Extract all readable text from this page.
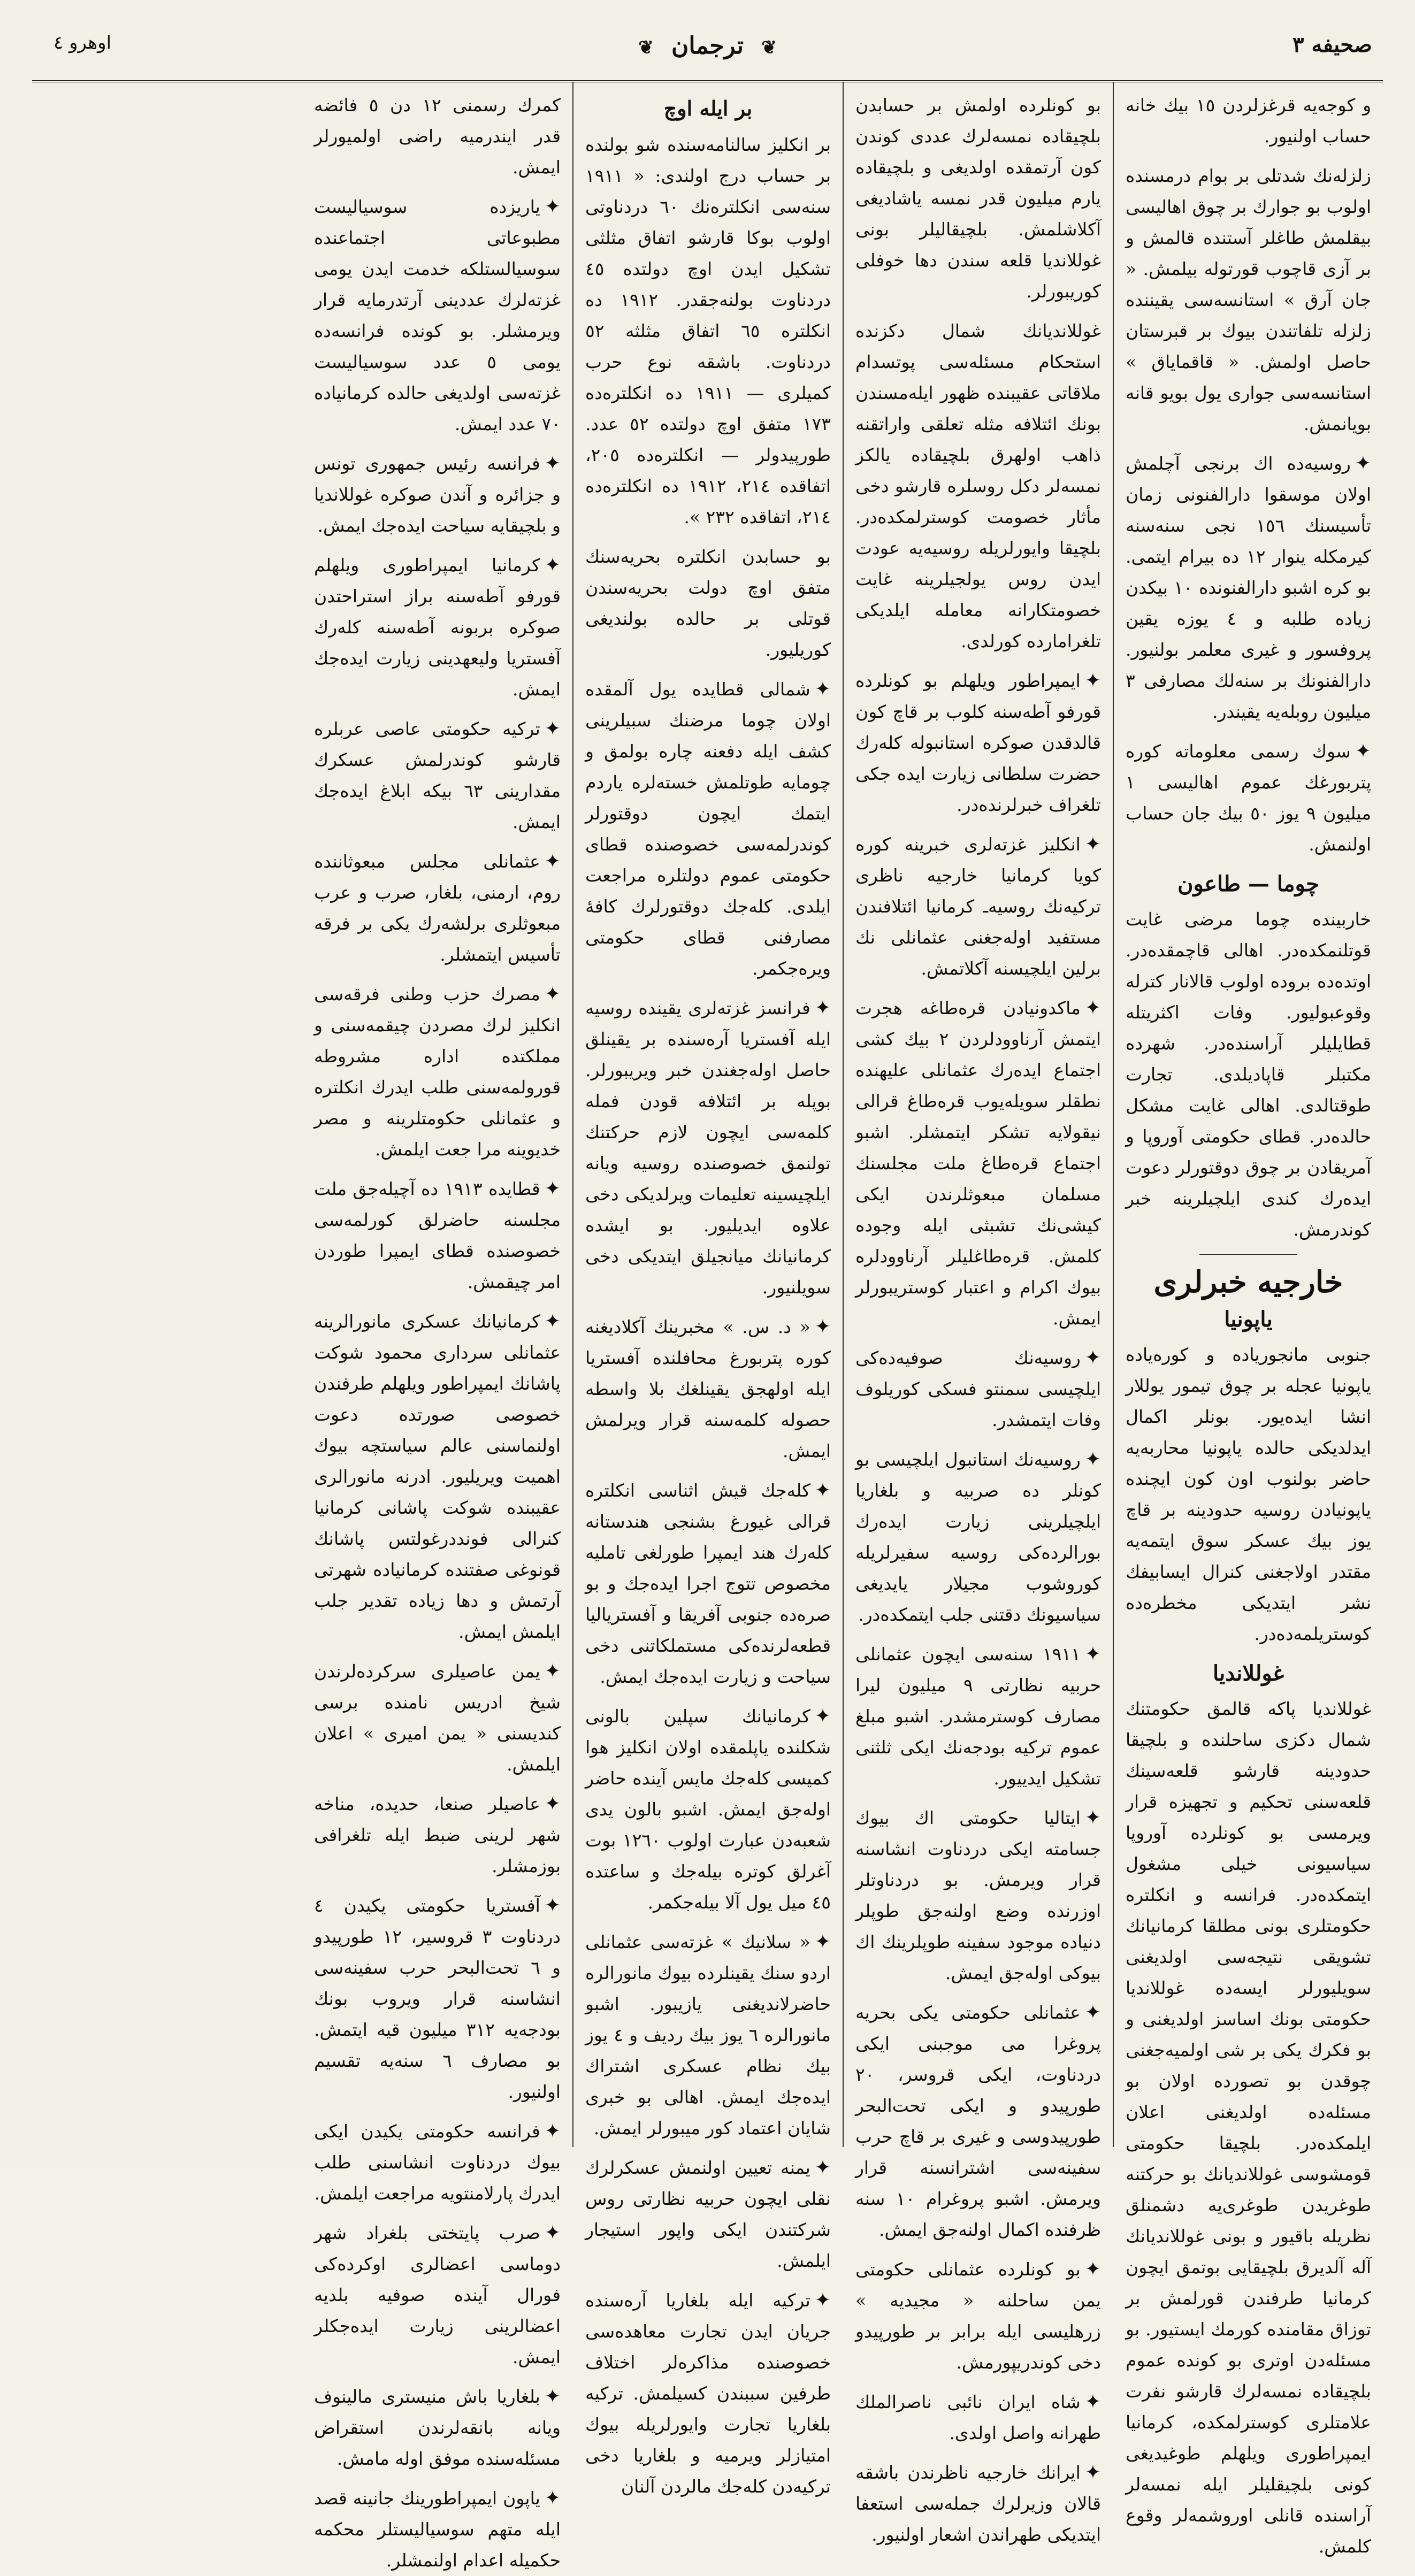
صحيفه ٣
❦ ترجمان ❦
اوهرو ٤
و کوجه‌یه قرغزلردن ١٥ بیك خانه حساب اولنیور.
زلزله‌نك شدتلی بر بوام درمسنده اولوب بو جوارك بر چوق اهالیسی بیقلمش طاغلر آستنده قالمش و بر آزی قاچوب قورتوله بیلمش. « جان آرق » استانسه‌سی یقیننده زلزله تلفاتندن بیوك بر قبرستان حاصل اولمش. « قاقمایاق » استانسه‌سی جواری یول بویو قانه بویانمش.
✦روسیه‌ده اك برنجی آچلمش اولان موسقوا دارالفنونی زمان تأسیسنك ١٥٦ نجی سنه‌سنه کیرمکله ینوار ١٢ ده بیرام ایتمی. بو کره اشبو دارالفنونده ١٠ بیکدن زیاده طلبه و ٤ یوزه یقین پروفسور و غیری معلمر بولنیور. دارالفنونك بر سنه‌لك مصارفی ٣ میلیون روبله‌یه یقیندر.
✦سوك رسمی معلوماته کوره پتربورغك عموم اهالیسی ١ میلیون ٩ یوز ٥٠ بیك جان حساب اولنمش.
چوما — طاعون
خاربینده چوما مرضی غایت قوتلنمکده‌در. اهالی قاچمقده‌در. اوتده‌ده بروده اولوب قالانار کترله وقوعبولیور. وفات اکثریتله قطایلیلر آراسنده‌در. شهرده مکتبلر قاپادیلدی. تجارت طوقتالدی. اهالی غایت مشکل حالده‌در. قطای حکومتی آوروپا و آمریقادن بر چوق دوقتورلر دعوت ایده‌رك کندی ایلچیلرینه خبر کوندرمش.
خارجیه خبرلری
یاپونیا
جنوبی مانجوریاده و کوره‌یاده‌ یاپونیا عجله بر چوق تیمور یوللار انشا ایده‌یور. بونلر اکمال ایدلدیکی حالده یاپونیا محاربه‌یه حاضر بولنوب اون کون ایچنده یاپونیادن روسیه حدودینه بر قاچ یوز بیك عسکر سوق ایتمه‌یه مقتدر اولاجغنی کنرال ایسابیفك نشر ایتدیکی مخطره‌ده کوستریلمه‌ده‌در.
غوللاندیا
غوللاندیا پاکه قالمق حکومتنك شمال دکزی ساحلنده و بلچیقا حدودینه قارشو قلعه‌سینك قلعه‌سنی تحکیم و تجهیزه قرار ویرمسی بو کونلرده آوروپا سیاسیونی خیلی مشغول ایتمکده‌در. فرانسه و انکلتره حکومتلری بونی مطلقا کرمانیانك تشویقی نتیجه‌سی اولدیغنی سویلیورلر ایسه‌ده غوللاندیا حکومتی بونك اساسز اولدیغنی و بو فکرك یکی بر شی اولمیه‌جغنی چوقدن بو تصورده اولان بو مسئله‌ده اولدیغنی اعلان ایلمکده‌در. بلچیقا حکومتی قومشوسی غوللاندیانك بو حرکتنه طوغریدن طوغری‌یه دشمنلق نظریله باقیور و بونی غوللاندیانك آله‌ آلدیرق بلچیقایی بوتمق ایچون کرمانیا طرفندن قورلمش بر توزاق مقامنده کورمك ایستیور. بو مسئله‌دن اوتری بو کونده عموم بلچیقاده نمسه‌لرك قارشو نفرت علامتلری کوسترلمکده، کرمانیا ایمپراطوری ویلهلم طوغیدیغی کونی بلچیقلیلر ایله نمسه‌لر آراسنده قانلی اوروشمه‌لر وقوع کلمش.
بو کونلرده اولمش بر حسابدن بلچیقاده نمسه‌لرك عددی کوندن کون آرتمقده اولدیغی و بلچیقاده یارم میلیون قدر نمسه یاشادیغی آکلاشلمش. بلچیقالیلر بونی غوللاندیا قلعه سندن دها خوفلی کوریبورلر.
غوللاندیانك شمال دکزنده استحکام مسئله‌سی پوتسدام ملاقاتی عقیبنده ظهور ایله‌مسندن بونك ائتلافه مثله تعلقی واراتقنه ذاهب اولهرق بلچیقاده یالکز نمسه‌لر دکل روسلره قارشو دخی مأثار خصومت کوسترلمکده‌در. بلچیقا وایورلریله روسیه‌یه عودت ایدن روس یولجیلرینه غایت خصومتکارانه معامله ایلدیکی تلغرامارده کورلدی.
✦ایمپراطور ویلهلم بو کونلرده قورفو آطه‌سنه کلوب بر قاچ کون قالدقدن صوکره استانبوله کله‌رك حضرت سلطانی زیارت ایده جکی تلغراف خبرلرنده‌در.
✦انکلیز غزته‌لری خبرینه کوره کویا کرمانیا خارجیه ناظری ترکیه‌نك روسیه‌ـ کرمانیا ائتلافندن مستفید اوله‌جغنی عثمانلی نك برلین ایلچیسنه آکلاتمش.
✦ماکدونیادن قره‌طاغه هجرت ایتمش آرناوودلردن ٢ بیك کشی اجتماع ایده‌رك عثمانلی علیهنده نطقلر سویله‌یوب قره‌طاغ قرالی نیقولایه تشکر ایتمشلر. اشبو اجتماع قره‌طاغ ملت مجلسنك مسلمان مبعوثلرندن ایکی کیشی‌نك تشبثی ایله وجوده کلمش. قره‌طاغلیلر آرناوودلره بیوك اکرام و اعتبار کوستریبورلر ایمش.
✦روسیه‌نك صوفیه‌ده‌کی ایلچیسی سمنتو فسکی کوریلوف وفات ایتمشدر.
✦روسیه‌نك استانبول ایلچیسی بو کونلر ده صربیه و بلغاریا ایلچیلرینی زیارت ایده‌رك بورالرده‌کی روسیه سفیرلریله کوروشوب مجیلار یایدیغی سیاسیونك دقتنی جلب ایتمکده‌در.
✦١٩١١ سنه‌سی ایچون عثمانلی حربیه نظارتی ٩ میلیون لیرا مصارف کوسترمشدر. اشبو مبلغ عموم ترکیه بودجه‌نك ایکی ثلثنی تشکیل ایدییور.
✦ایتالیا حکومتی اك بیوك جسامته ایکی دردناوت انشاسنه قرار ویرمش. بو دردناوتلر اوزرنده وضع اولنه‌جق طوپلر دنیاده موجود سفینه طوپلرینك اك بیوکی اوله‌جق ایمش.
✦عثمانلی حکومتی یکی بحریه پروغرا می موجبنی ایکی دردناوت، ایکی قروسر، ٢٠ طورپیدو و ایکی تحت‌البحر طورپیدوسی و غیری بر قاچ حرب سفینه‌سی اشترانسنه قرار ویرمش. اشبو پروغرام ١٠ سنه ظرفنده اکمال اولنه‌جق ایمش.
✦بو کونلرده عثمانلی حکومتی یمن ساحلنه « مجیدیه » زرهلیسی ایله برابر بر طورپیدو دخی کوندریپورمش.
✦شاه ایران نائبی ناصرالملك طهرانه واصل اولدی.
✦ایرانك خارجیه ناظرندن باشقه قالان وزیرلرك جمله‌سی استعفا ایتدیکی طهراندن اشعار اولنیور.
بر ایله اوچ
بر انکلیز سالنامه‌سنده شو بولنده بر حساب درج اولندی: « ١٩١١ سنه‌سی انکلتره‌نك ٦٠ دردناوتی اولوب بوکا قارشو اتفاق مثلثی تشکیل ایدن اوچ دولتده ٤٥ دردناوت بولنه‌جقدر. ١٩١٢ ده انکلتره ٦٥ اتفاق مثلثه ٥٢ دردناوت. باشقه نوع حرب کمیلری — ١٩١١ ده انکلتره‌ده ١٧٣ متفق اوچ دولتده ٥٢ عدد. طورپیدو‌لر — انکلتره‌ده ٢٠٥، اتفاقده ٢١٤، ١٩١٢ ده انکلتره‌ده ٢١٤، اتفاقده ٢٣٢ ».
بو حسابدن انکلتره بحریه‌سنك متفق اوچ دولت بحریه‌سندن قوتلی بر حالده بولندیغی کوریلیور.
✦شمالی قطایده یول آلمقده اولان چوما مرضنك سبیلرینی کشف ایله دفعنه چاره بولمق و چومایه طوتلمش خسته‌لره یاردم ایتمك ایچون دوقتورلر کوندرلمه‌سی خصوصنده قطای حکومتی عموم دولتلره مراجعت ایلدی. کله‌جك دوقتورلرك کافهٔ مصارفنی قطای حکومتی ویره‌جکمر.
✦فرانسز غزته‌لری یقینده روسیه ایله آفستریا آره‌سنده بر یقینلق حاصل اوله‌جغندن خبر ویریبورلر. بوپله بر ائتلافه قودن فمله کلمه‌سی ایچون لازم حرکتنك تولنمق خصوصنده روسیه‌ ویانه ایلچیسینه تعلیمات ویرلدیکی دخی علاوه ایدیلیور. بو ایشده کرمانیانك میانجیلق ایتدیکی دخی سویلنیور.
✦« د. س. » مخبرینك آکلادیغنه کوره پتربورغ محافلنده آفستریا ایله اولهجق یقینلغك بلا واسطه حصوله کلمه‌سنه قرار ویرلمش ایمش.
✦کله‌جك قیش اثناسی انکلتره قرالی غیورغ بشنجی هندستانه کله‌رك هند ایمپرا طورلغی تاملیه مخصوص تتوج اجرا ایده‌جك و بو صره‌ده جنوبی آفریقا و آفستریالیا قطعه‌لرنده‌کی مستملکاتنی دخی سیاحت و زیارت ایده‌جك ایمش.
✦کرمانیانك سپلین بالونی شکلنده یاپلمقده اولان انکلیز هوا کمیسی کله‌جك مایس آینده حاضر اوله‌جق ایمش. اشبو بالون یدی شعبه‌دن عبارت اولوب ١٢٦٠ بوت آغرلق کوتره بیله‌جك و ساعتده ٤٥ میل یول آلا بیله‌جکمر.
✦« سلانیك » غزته‌سی عثمانلی اردو سنك یقینلرده بیوك مانورالره حاضرلاندیغنی یازیبور. اشبو مانورالره ٦ یوز بیك ردیف و ٤ یوز بیك نظام عسکری اشتراك ایده‌جك ایمش. اهالی بو خبری شایان اعتماد کور میبورلر ایمش.
✦یمنه تعیین اولنمش عسکرلرك نقلی ایچون حربیه نظارتی روس شرکتندن ایکی واپور استیجار ایلمش.
✦ترکیه ایله بلغاریا آره‌سنده جریان ایدن تجارت معاهده‌سی خصوصنده مذاکره‌لر اختلاف طرفین سببندن کسیلمش. ترکیه بلغاریا تجارت وایورلریله بیوك امتیازلر ویرمیه و بلغاریا دخی ترکیه‌دن کله‌جك مالردن آلنان
کمرك رسمنی ١٢ دن ٥ فائضه قدر ایندرمیه راضی اولمیورلر ایمش.
✦یاریزده سوسیالیست مطبوعاتی اجتماعنده سوسیالستلکه خدمت ایدن یومی غزته‌لرك عددینی آرتدرمایه قرار ویرمشلر. بو کونده فرانسه‌ده یومی ٥ عدد سوسیالیست غزته‌سی اولدیغی حالده کرمانیاده ٧٠ عدد ایمش.
✦فرانسه رئیس جمهوری تونس و جزائره و آندن صوکره غوللاندیا و بلچیقایه سیاحت ایده‌جك ایمش.
✦کرمانیا ایمپراطوری ویلهلم قورفو آطه‌سنه براز استراحتدن صوکره بربونه آطه‌سنه کله‌رك آفستریا ولیعهدینی زیارت ایده‌جك ایمش.
✦ترکیه حکومتی عاصی عربلره قارشو کوندرلمش عسکرك مقدارینی ٦٣ بیکه ابلاغ ایده‌جك ایمش.
✦عثمانلی مجلس مبعوثاننده روم، ارمنی، بلغار، صرب و عرب مبعوثلری برلشه‌رك یکی بر فرقه تأسیس ایتمشلر.
✦مصرك حزب وطنی فرقه‌سی انکلیز لرك مصردن چیقمه‌سنی و مملکتده اداره مشروطه قورولمه‌سنی طلب ایدرك انکلتره و عثمانلی حکومتلرینه و مصر خدیوینه مرا جعت ایلمش.
✦قطایده ١٩١٣ ده آچیله‌جق ملت مجلسنه حاضرلق کورلمه‌سی خصوصنده قطای ایمپرا طوردن امر چیقمش.
✦کرمانیانك عسکری مانورالرینه عثمانلی سرداری محمود شوکت پاشانك ایمپراطور ویلهلم طرفندن خصوصی صورتده دعوت اولنماسنی عالم سیاستچه بیوك اهمیت ویریلیور. ادرنه مانورالری عقیبنده شوکت پاشانی کرمانیا کنرالی فونددرغولتس پاشانك قونوغی صفتنده کرمانیاده شهرتی آرتمش و دها زیاده تقدیر جلب ایلمش ایمش.
✦یمن عاصیلری سرکرده‌لرندن شیخ ادریس نامنده برسی کندیسنی « یمن امیری » اعلان ایلمش.
✦عاصیلر صنعا، حدیده، مناخه شهر لرینی ضبط ایله تلغرافی بوزمشلر.
✦آفستریا حکومتی یکیدن ٤ دردناوت ٣ قروسیر، ١٢ طورپیدو و ٦ تحت‌البحر حرب سفینه‌سی انشاسنه قرار ویروب بونك بودجه‌یه ٣١٢ میلیون قیه ایتمش. بو مصارف ٦ سنه‌یه تقسیم اولنیور.
✦فرانسه حکومتی یکیدن ایکی بیوك دردناوت انشاسنی طلب ایدرك پارلامنتویه مراجعت ایلمش.
✦صرب پایتختی بلغراد شهر دوماسی اعضالری اوکرده‌کی فورال آینده صوفیه بلدیه اعضالرینی زیارت ایده‌جکلر ایمش.
✦بلغاریا باش منیستری مالینوف ویانه بانقه‌لرندن استقراض مسئله‌سنده موفق اوله مامش.
✦یاپون ایمپراطورینك جانینه قصد ایله متهم سوسیالیستلر محکمه حکمیله اعدام اولنمشلر.
